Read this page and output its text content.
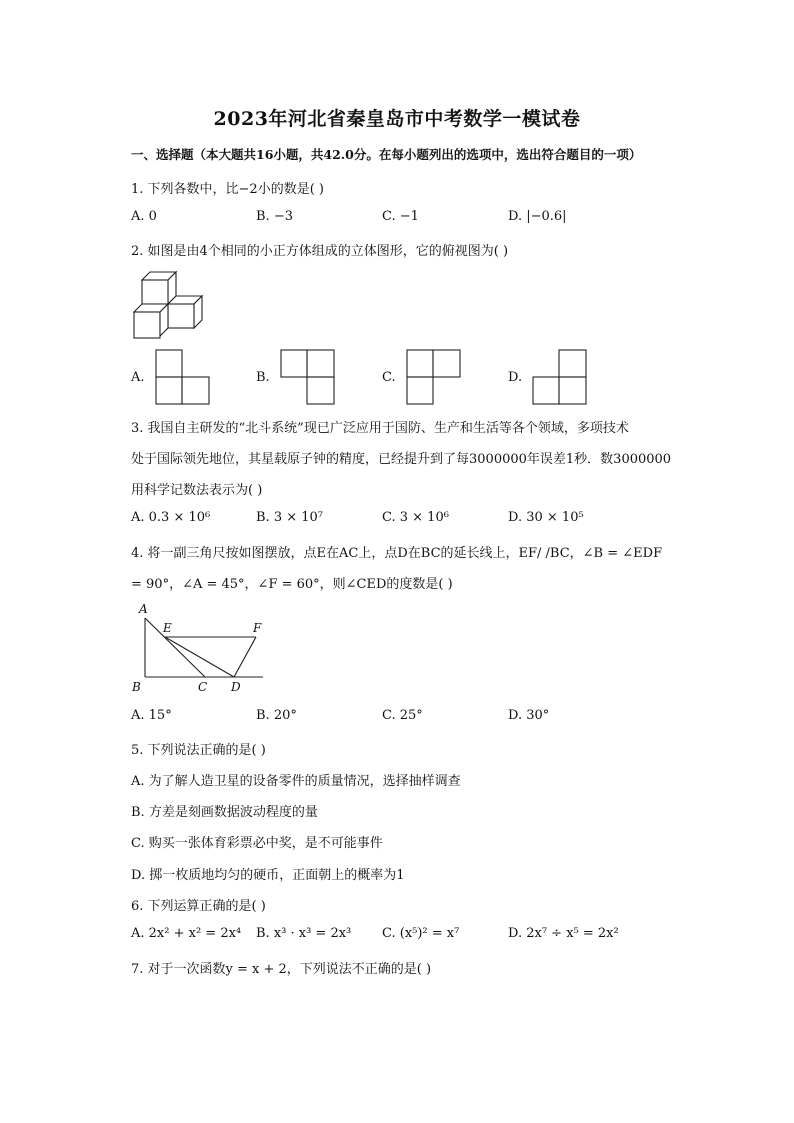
2023年河北省秦皇岛市中考数学一模试卷
一、选择题（本大题共16小题，共42.0分。在每小题列出的选项中，选出符合题目的一项）
1. 下列各数中，比−2小的数是( )
A. 0	B. −3	C. −1	D. |−0.6|
2. 如图是由4个相同的小正方体组成的立体图形，它的俯视图为( )
A.	B.	C.	D.
3. 我国自主研发的“北斗系统”现已广泛应用于国防、生产和生活等各个领域，多项技术
处于国际领先地位，其星载原子钟的精度，已经提升到了每3000000年误差1秒．数3000000
用科学记数法表示为( )
A. 0.3 × 10⁶	B. 3 × 10⁷	C. 3 × 10⁶	D. 30 × 10⁵
4. 将一副三角尺按如图摆放，点E在AC上，点D在BC的延长线上，EF/ /BC，∠B = ∠EDF
= 90°，∠A = 45°，∠F = 60°，则∠CED的度数是( )
A
E	F
B	C D
A. 15°	B. 20°	C. 25°	D. 30°
5. 下列说法正确的是( )
A. 为了解人造卫星的设备零件的质量情况，选择抽样调查
B. 方差是刻画数据波动程度的量
C. 购买一张体育彩票必中奖，是不可能事件
D. 掷一枚质地均匀的硬币，正面朝上的概率为1
6. 下列运算正确的是( )
A. 2x² + x² = 2x⁴ B. x³ · x³ = 2x³ C. (x⁵)² = x⁷	D. 2x⁷ ÷ x⁵ = 2x²
7. 对于一次函数y = x + 2，下列说法不正确的是( )
